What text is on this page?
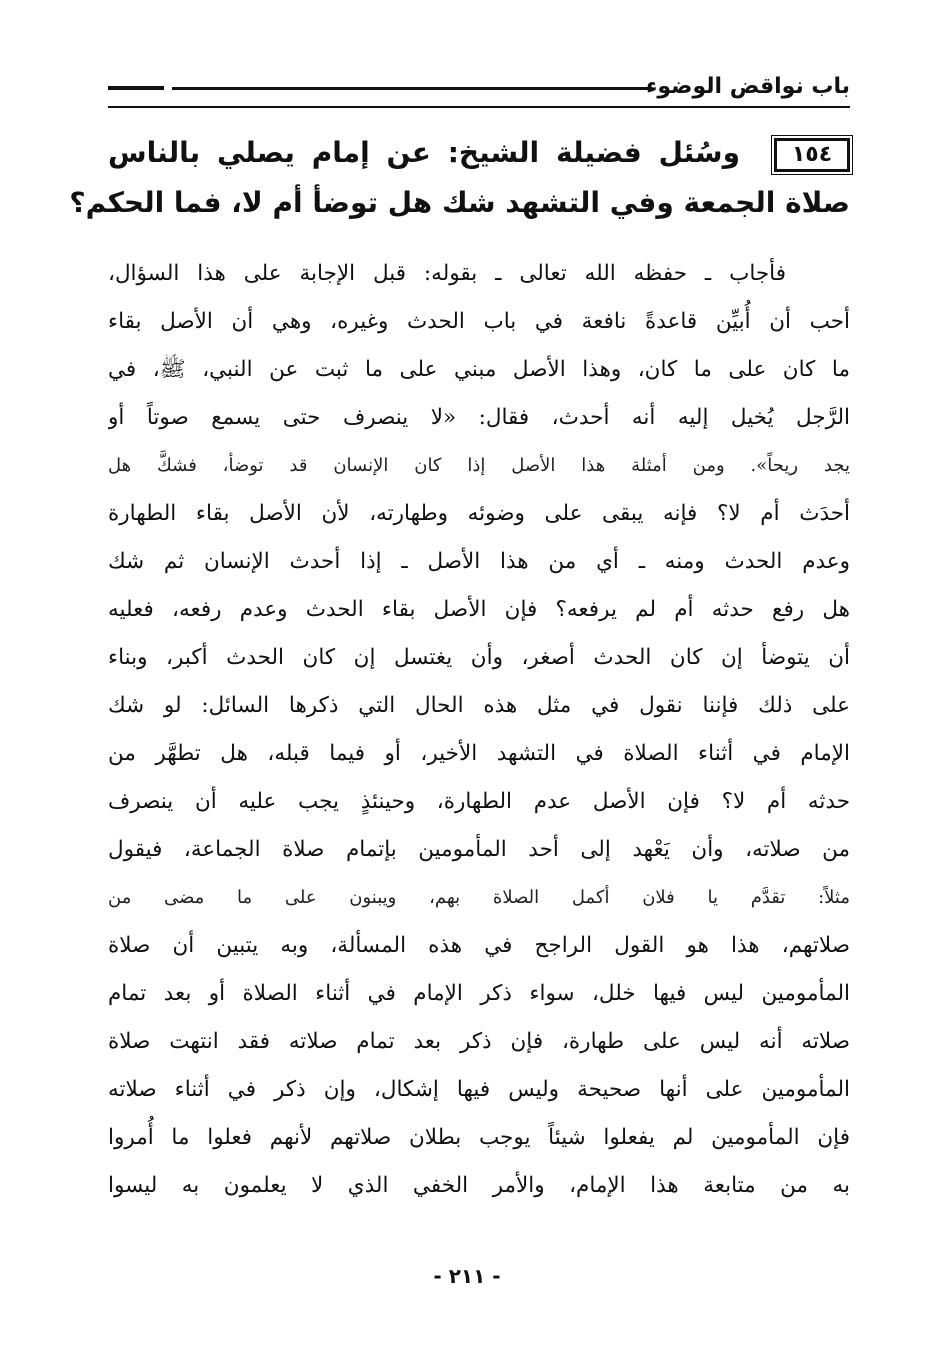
باب نواقض الوضوء
١٥٤
وسُئل فضيلة الشيخ: عن إمام يصلي بالناس
صلاة الجمعة وفي التشهد شك هل توضأ أم لا، فما الحكم؟
فأجاب ـ حفظه الله تعالى ـ بقوله: قبل الإجابة على هذا السؤال،
أحب أن أُبيِّن قاعدةً نافعة في باب الحدث وغيره، وهي أن الأصل بقاء
ما كان على ما كان، وهذا الأصل مبني على ما ثبت عن النبي، ﷺ، في
الرَّجل يُخيل إليه أنه أحدث، فقال: «لا ينصرف حتى يسمع صوتاً أو
يجد ريحاً». ومن أمثلة هذا الأصل إذا كان الإنسان قد توضأ، فشكَّ هل
أحدَث أم لا؟ فإنه يبقى على وضوئه وطهارته، لأن الأصل بقاء الطهارة
وعدم الحدث ومنه ـ أي من هذا الأصل ـ إذا أحدث الإنسان ثم شك
هل رفع حدثه أم لم يرفعه؟ فإن الأصل بقاء الحدث وعدم رفعه، فعليه
أن يتوضأ إن كان الحدث أصغر، وأن يغتسل إن كان الحدث أكبر، وبناء
على ذلك فإننا نقول في مثل هذه الحال التي ذكرها السائل: لو شك
الإمام في أثناء الصلاة في التشهد الأخير، أو فيما قبله، هل تطهَّر من
حدثه أم لا؟ فإن الأصل عدم الطهارة، وحينئذٍ يجب عليه أن ينصرف
من صلاته، وأن يَعْهد إلى أحد المأمومين بإتمام صلاة الجماعة، فيقول
مثلاً: تقدَّم يا فلان أكمل الصلاة بهم، ويبنون على ما مضى من
صلاتهم، هذا هو القول الراجح في هذه المسألة، وبه يتبين أن صلاة
المأمومين ليس فيها خلل، سواء ذكر الإمام في أثناء الصلاة أو بعد تمام
صلاته أنه ليس على طهارة، فإن ذكر بعد تمام صلاته فقد انتهت صلاة
المأمومين على أنها صحيحة وليس فيها إشكال، وإن ذكر في أثناء صلاته
فإن المأمومين لم يفعلوا شيئاً يوجب بطلان صلاتهم لأنهم فعلوا ما أُمروا
به من متابعة هذا الإمام، والأمر الخفي الذي لا يعلمون به ليسوا
- ٢١١ -
